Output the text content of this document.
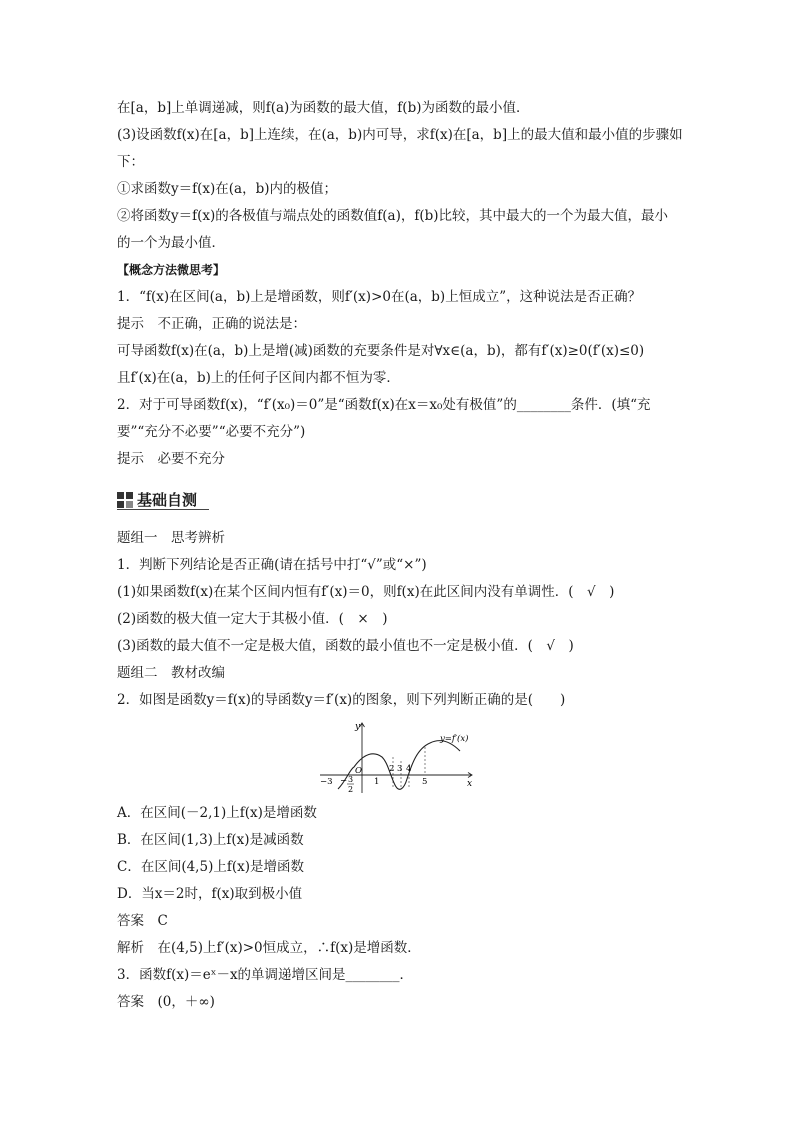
在[a，b]上单调递减，则f(a)为函数的最大值，f(b)为函数的最小值．
(3)设函数f(x)在[a，b]上连续，在(a，b)内可导，求f(x)在[a，b]上的最大值和最小值的步骤如
下：
①求函数y＝f(x)在(a，b)内的极值；
②将函数y＝f(x)的各极值与端点处的函数值f(a)，f(b)比较，其中最大的一个为最大值，最小
的一个为最小值．
【概念方法微思考】
1．“f(x)在区间(a，b)上是增函数，则f′(x)>0在(a，b)上恒成立”，这种说法是否正确？
提示　不正确，正确的说法是：
可导函数f(x)在(a，b)上是增(减)函数的充要条件是对∀x∈(a，b)，都有f′(x)≥0(f′(x)≤0)
且f′(x)在(a，b)上的任何子区间内都不恒为零．
2．对于可导函数f(x)，“f′(x₀)＝0”是“函数f(x)在x＝x₀处有极值”的________条件．(填“充
要”“充分不必要”“必要不充分”)
提示　必要不充分
基础自测
题组一　思考辨析
1．判断下列结论是否正确(请在括号中打“√”或“×”)
(1)如果函数f(x)在某个区间内恒有f′(x)＝0，则f(x)在此区间内没有单调性．(　√　)
(2)函数的极大值一定大于其极小值．(　×　)
(3)函数的最大值不一定是极大值，函数的最小值也不一定是极小值．(　√　)
题组二　教材改编
2．如图是函数y＝f(x)的导函数y＝f′(x)的图象，则下列判断正确的是(　　)
A．在区间(－2,1)上f(x)是增函数
B．在区间(1,3)上f(x)是减函数
C．在区间(4,5)上f(x)是增函数
D．当x＝2时，f(x)取到极小值
答案　C
解析　在(4,5)上f′(x)>0恒成立，∴f(x)是增函数．
3．函数f(x)＝eˣ－x的单调递增区间是________．
答案　(0，＋∞)
y=f′(x)
y
x
O
−3 − 3
2
1
2 3 4
5
